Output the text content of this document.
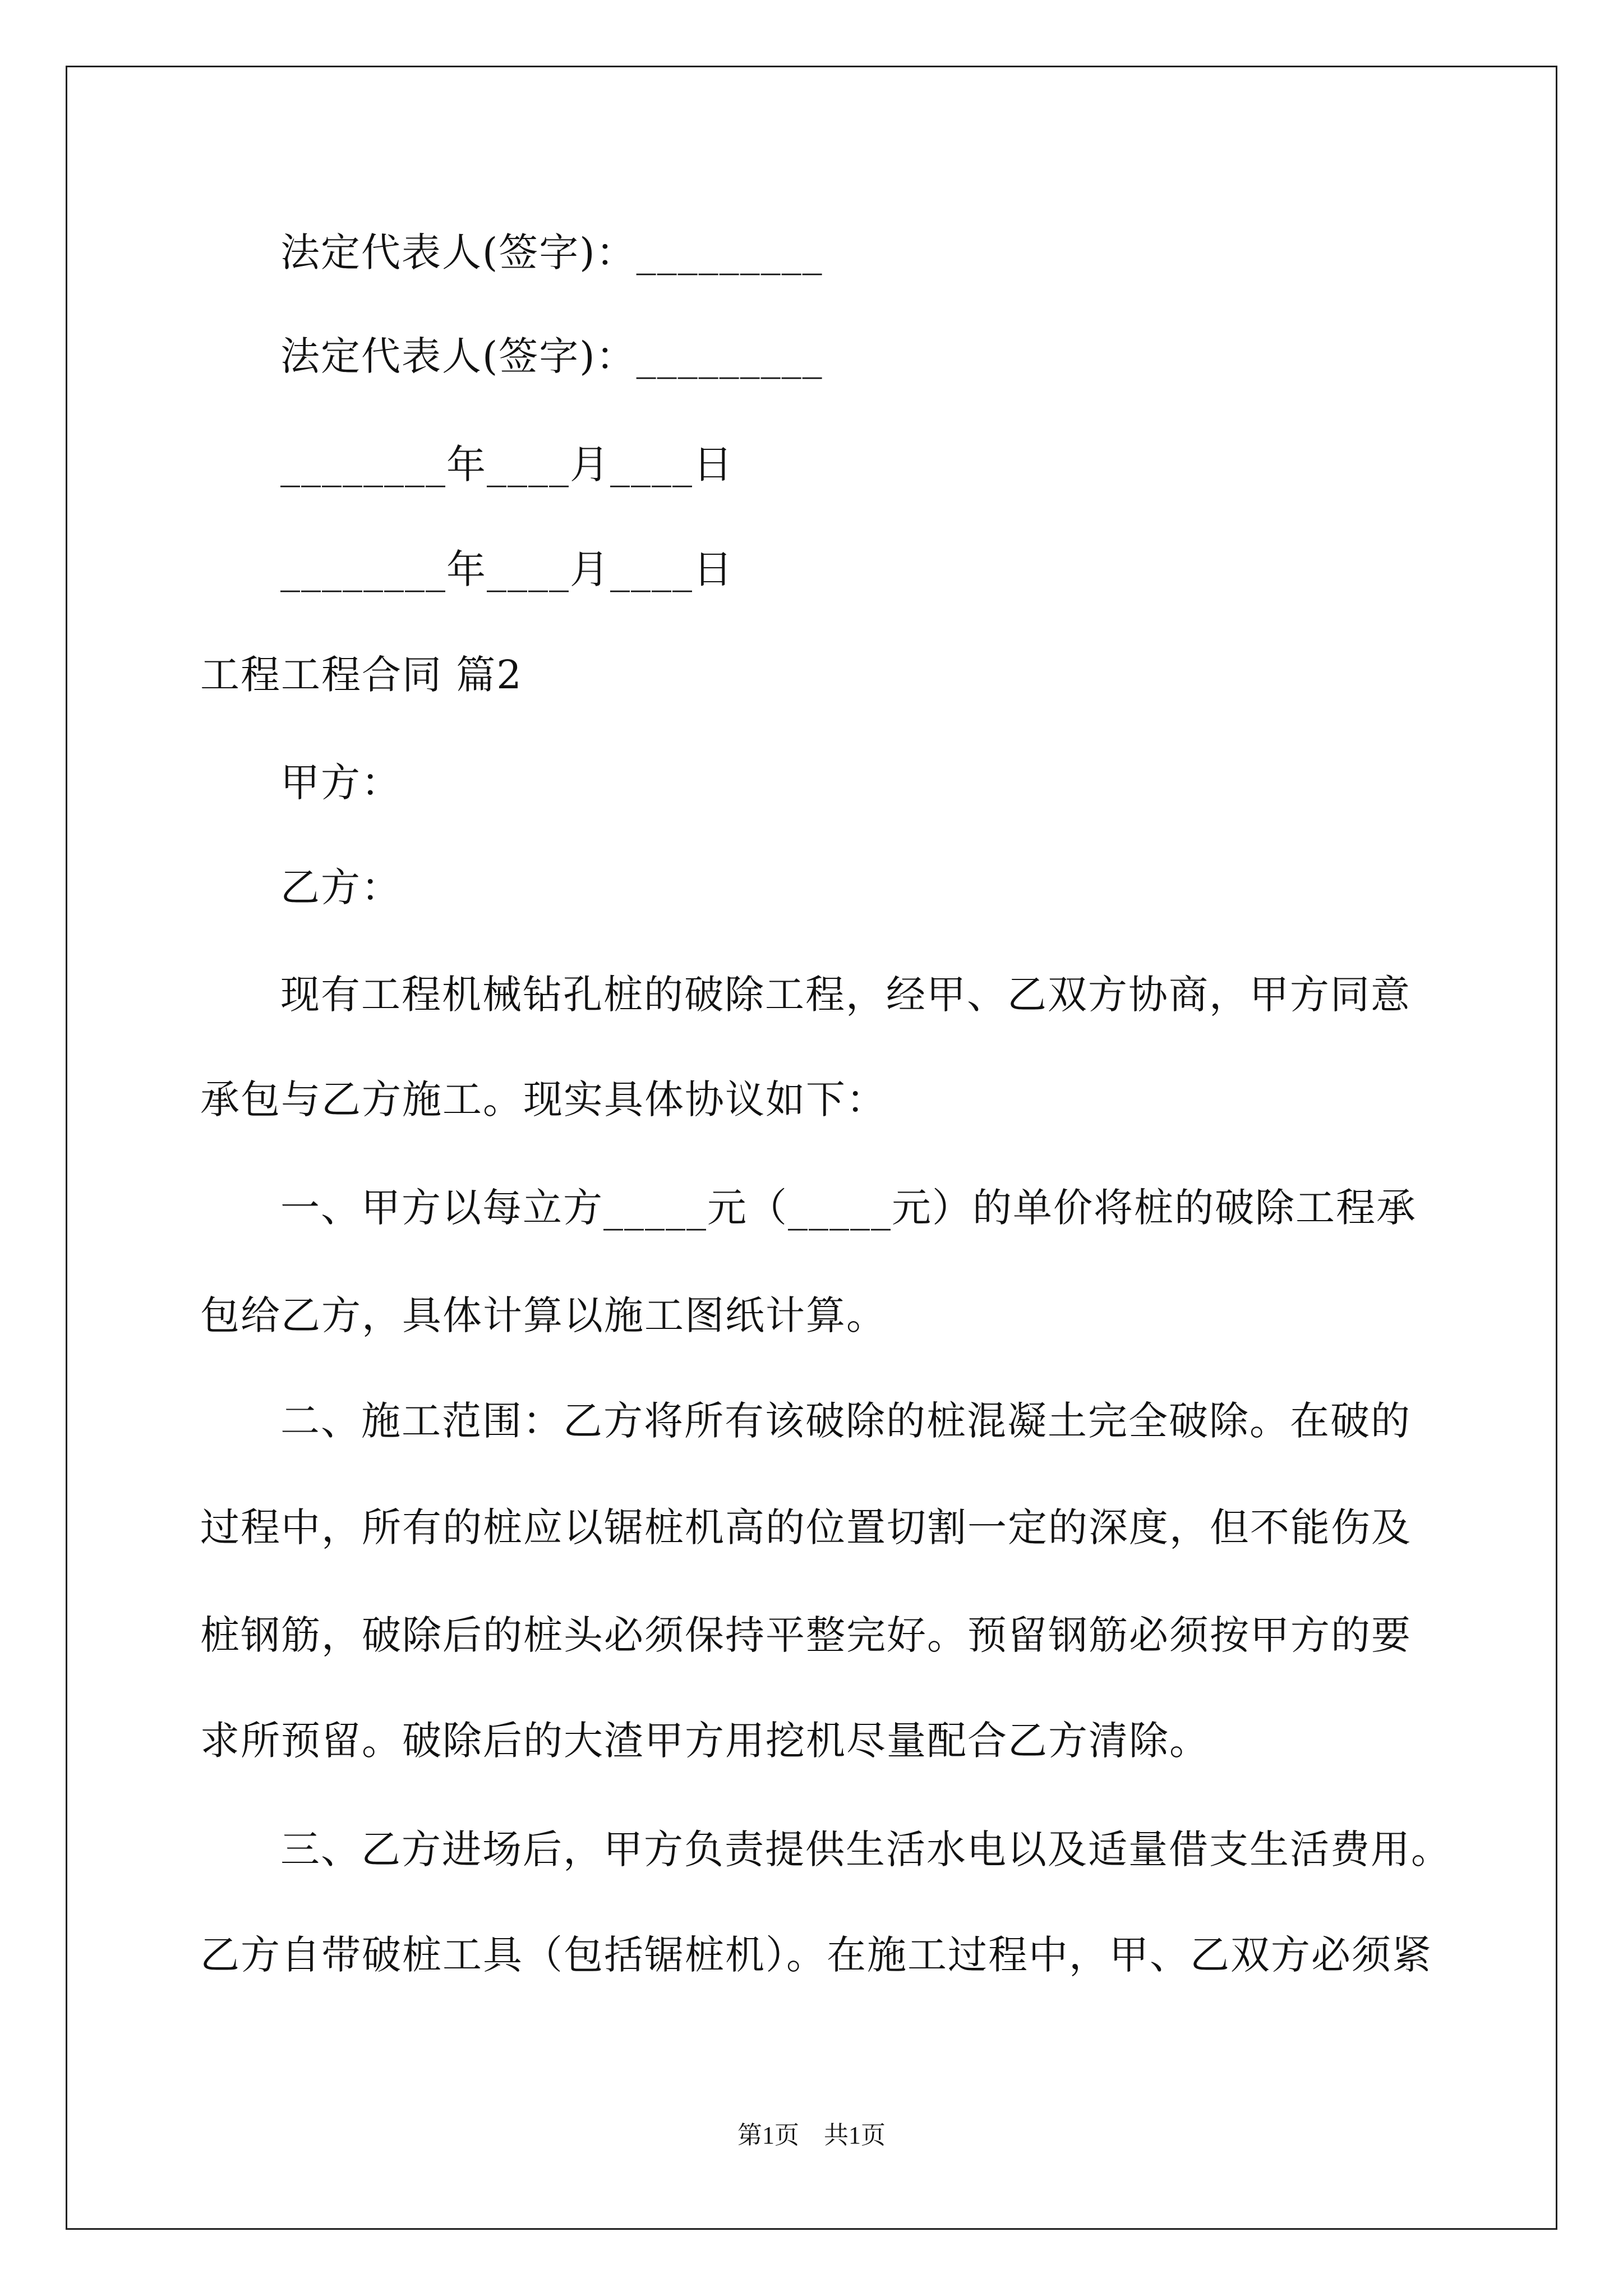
法定代表人(签字)：_________
法定代表人(签字)：_________
________年____月____日
________年____月____日
工程工程合同 篇2
甲方：
乙方：
现有工程机械钻孔桩的破除工程，经甲、乙双方协商，甲方同意
承包与乙方施工。现实具体协议如下：
一、甲方以每立方_____元（_____元）的单价将桩的破除工程承
包给乙方，具体计算以施工图纸计算。
二、施工范围：乙方将所有该破除的桩混凝土完全破除。在破的
过程中，所有的桩应以锯桩机高的位置切割一定的深度，但不能伤及
桩钢筋，破除后的桩头必须保持平整完好。预留钢筋必须按甲方的要
求所预留。破除后的大渣甲方用挖机尽量配合乙方清除。
三、乙方进场后，甲方负责提供生活水电以及适量借支生活费用。
乙方自带破桩工具（包括锯桩机）。在施工过程中，甲、乙双方必须紧
第1页　共1页
